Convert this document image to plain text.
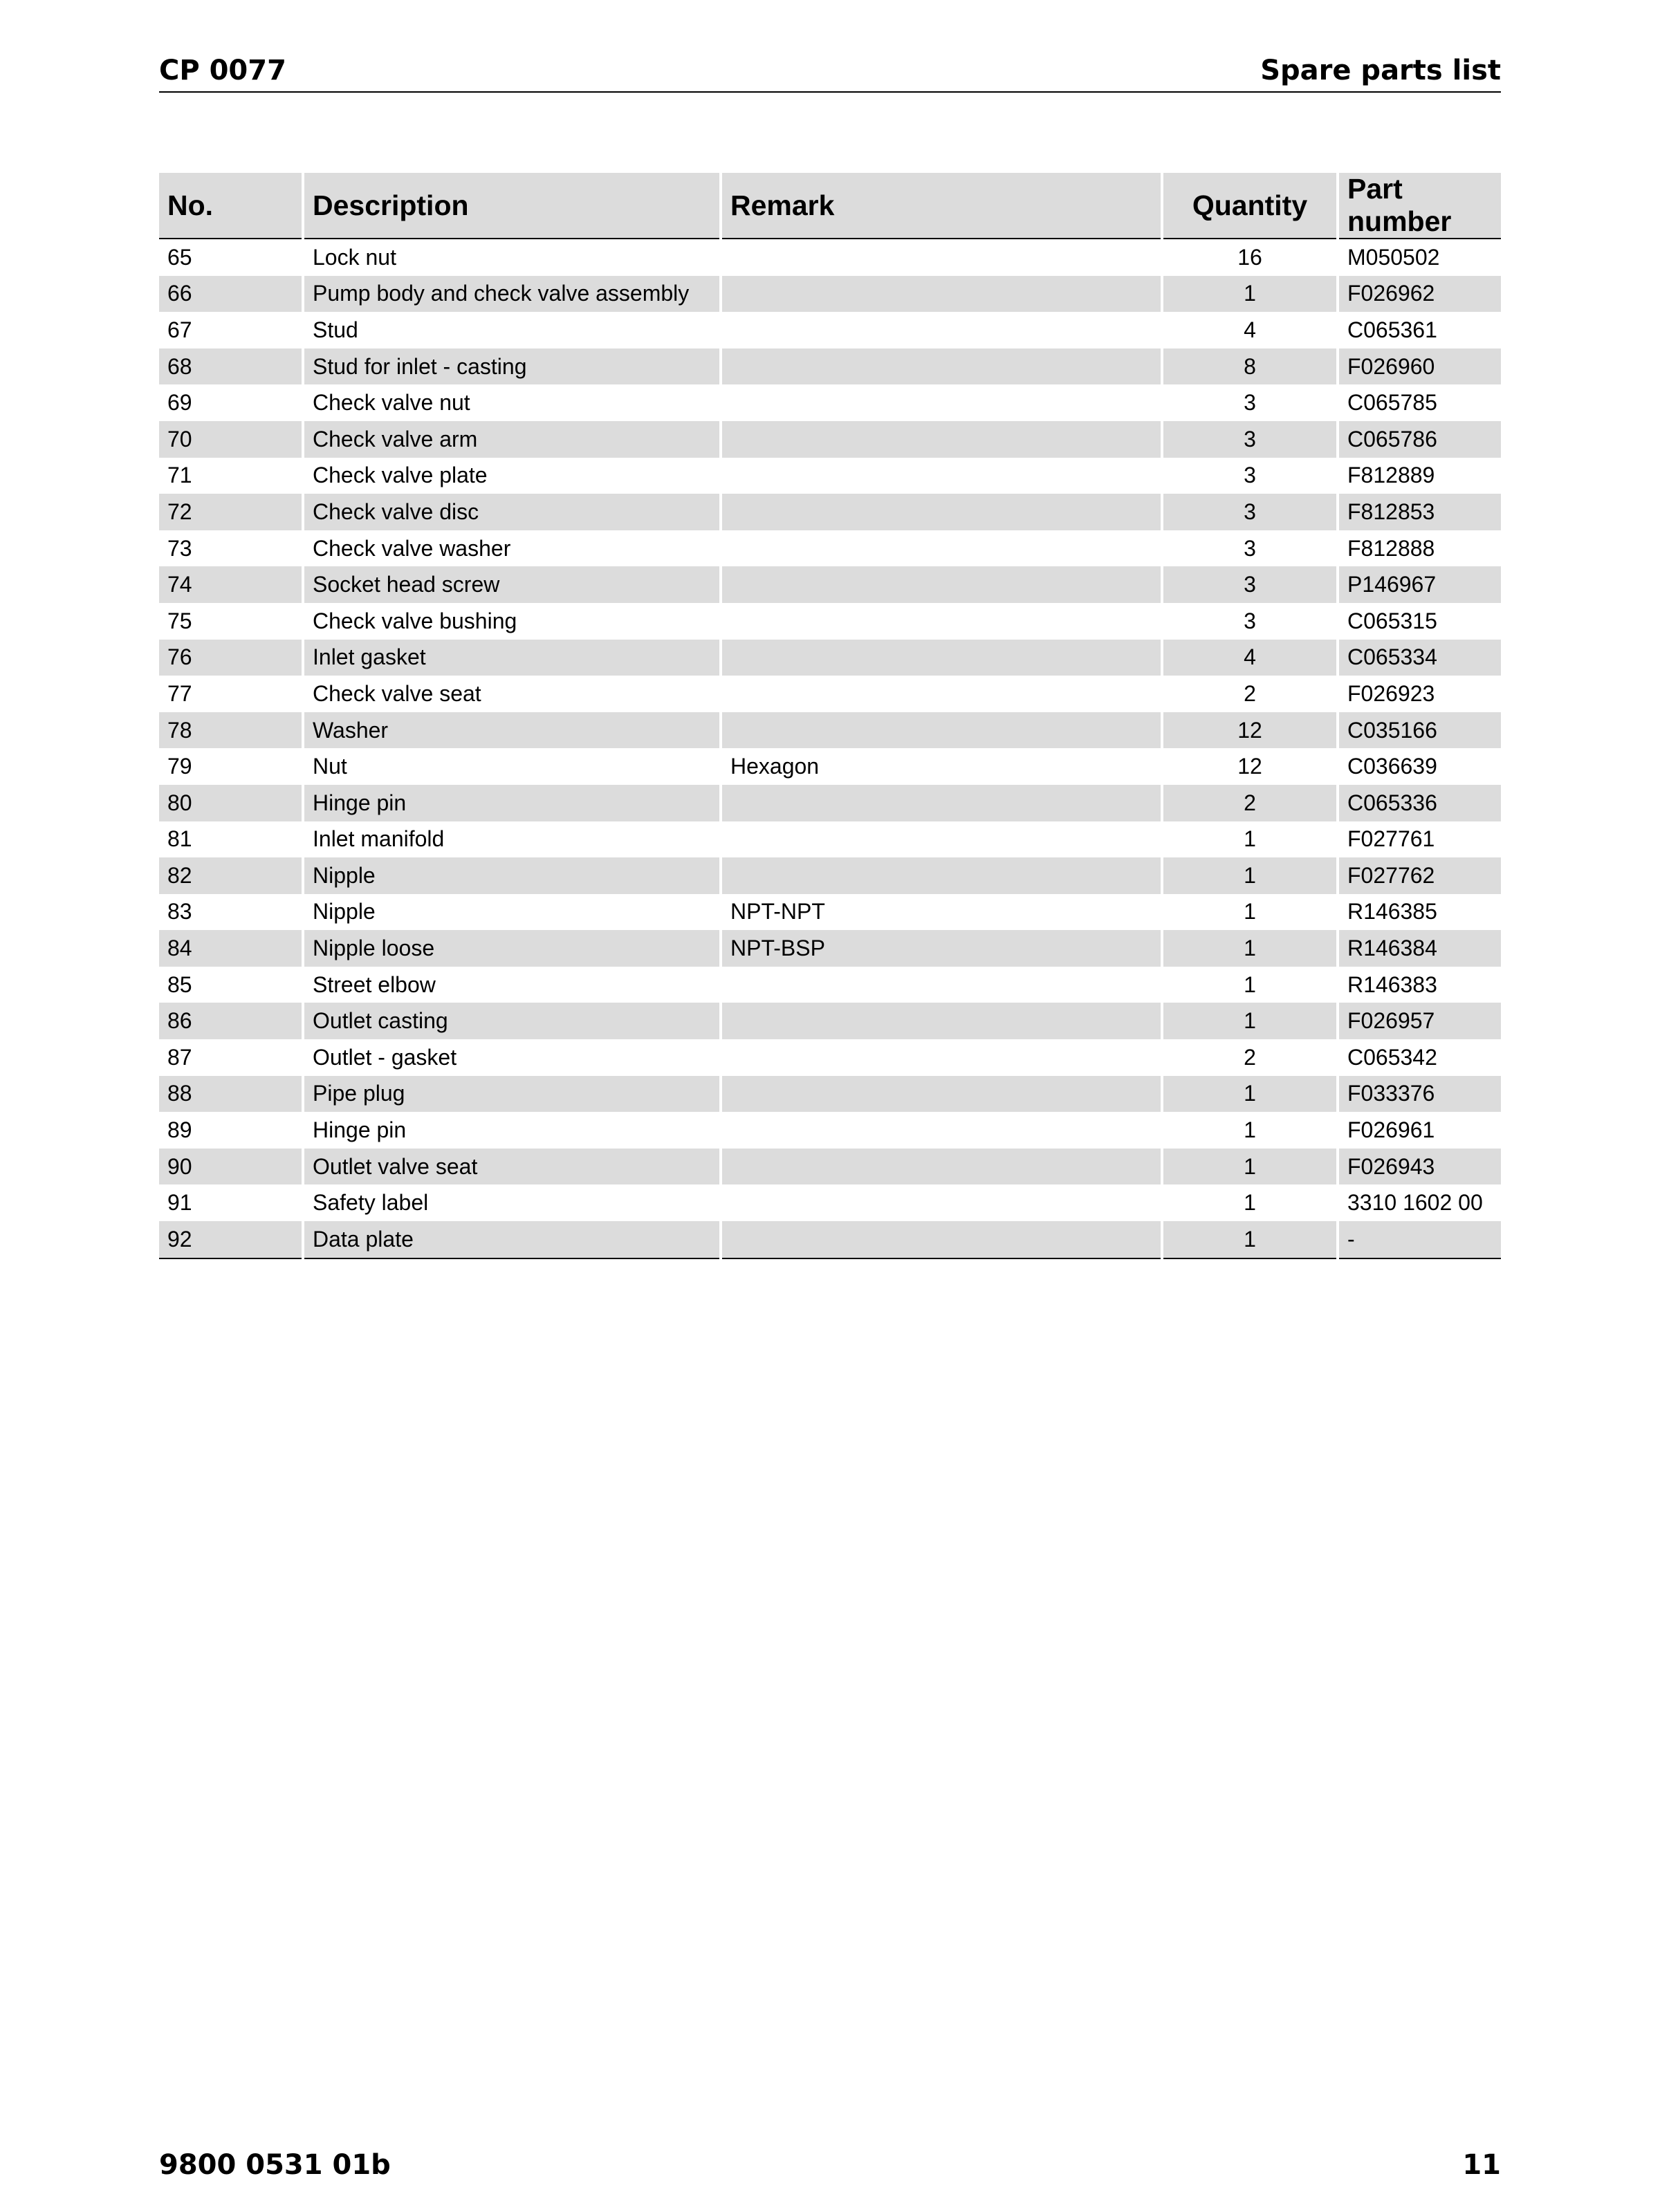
CP 0077	Spare parts list
No.	Description	Remark	Quantity	Part number
65	Lock nut		16	M050502
66	Pump body and check valve assembly		1	F026962
67	Stud		4	C065361
68	Stud for inlet - casting		8	F026960
69	Check valve nut		3	C065785
70	Check valve arm		3	C065786
71	Check valve plate		3	F812889
72	Check valve disc		3	F812853
73	Check valve washer		3	F812888
74	Socket head screw		3	P146967
75	Check valve bushing		3	C065315
76	Inlet gasket		4	C065334
77	Check valve seat		2	F026923
78	Washer		12	C035166
79	Nut	Hexagon	12	C036639
80	Hinge pin		2	C065336
81	Inlet manifold		1	F027761
82	Nipple		1	F027762
83	Nipple	NPT-NPT	1	R146385
84	Nipple loose	NPT-BSP	1	R146384
85	Street elbow		1	R146383
86	Outlet casting		1	F026957
87	Outlet - gasket		2	C065342
88	Pipe plug		1	F033376
89	Hinge pin		1	F026961
90	Outlet valve seat		1	F026943
91	Safety label		1	3310 1602 00
92	Data plate		1	-
9800 0531 01b	11
